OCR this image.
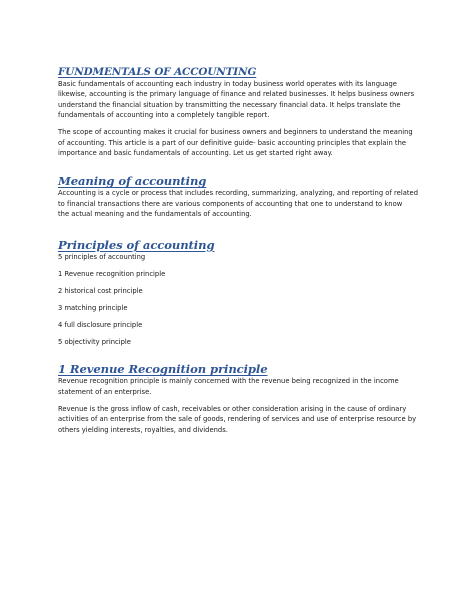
FUNDMENTALS OF ACCOUNTING
Basic fundamentals of accounting each industry in today business world operates with its language
likewise, accounting is the primary language of finance and related businesses. It helps business owners
understand the financial situation by transmitting the necessary financial data. It helps translate the
fundamentals of accounting into a completely tangible report.
The scope of accounting makes it crucial for business owners and beginners to understand the meaning
of accounting. This article is a part of our definitive guide- basic accounting principles that explain the
importance and basic fundamentals of accounting. Let us get started right away.
Meaning of accounting
Accounting is a cycle or process that includes recording, summarizing, analyzing, and reporting of related
to financial transactions there are various components of accounting that one to understand to know
the actual meaning and the fundamentals of accounting.
Principles of accounting

5 principles of accounting

1 Revenue recognition principle

2 historical cost principle

3 matching principle

4 full disclosure principle

5 objectivity principle

1 Revenue Recognition principle
Revenue recognition principle is mainly concerned with the revenue being recognized in the income
statement of an enterprise.
Revenue is the gross inflow of cash, receivables or other consideration arising in the cause of ordinary
activities of an enterprise from the sale of goods, rendering of services and use of enterprise resource by
others yielding interests, royalties, and dividends.
